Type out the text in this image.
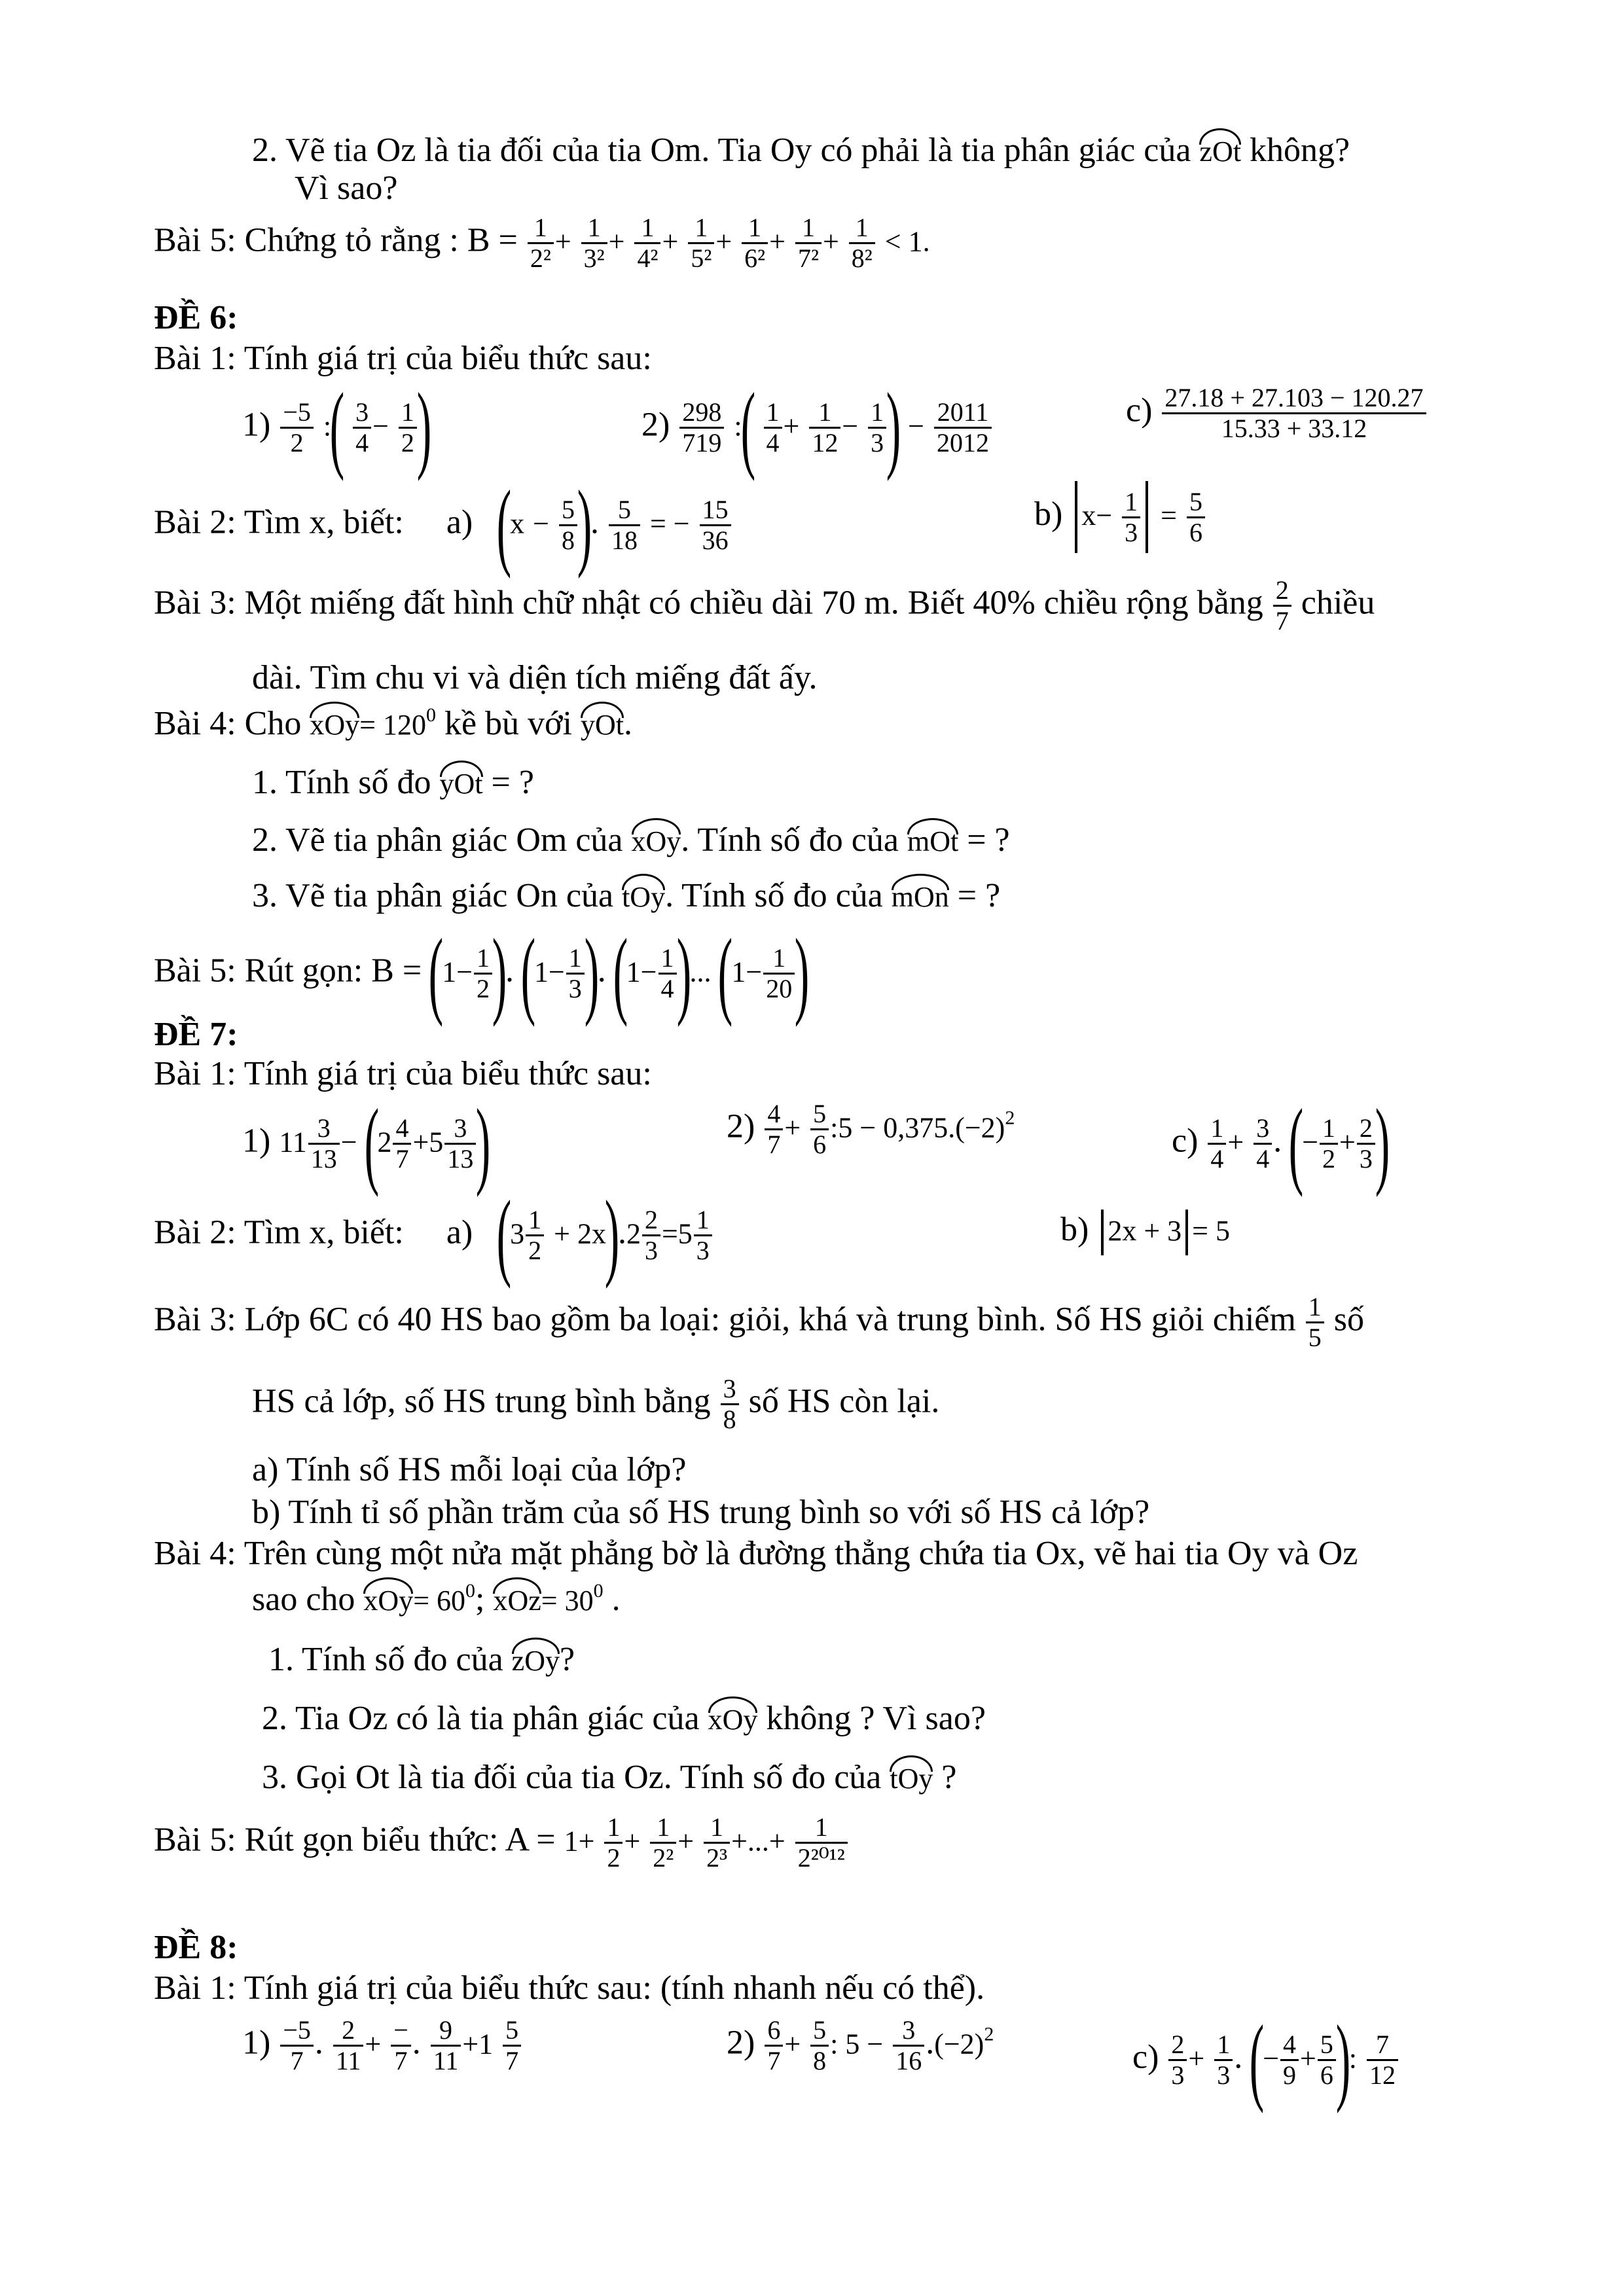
2. Vẽ tia Oz là tia đối của tia Om. Tia Oy có phải là tia phân giác của zOt không?
Vì sao?
Bài 5: Chứng tỏ rằng : $B = \frac{1}{\text{2²}} + \frac{1}{\text{3²}} + \frac{1}{\text{4²}} + \frac{1}{\text{5²}} + \frac{1}{\text{6²}} + \frac{1}{\text{7²}} + \frac{1}{\text{8²}} < 1$.
ĐỀ 6:
Bài 1: Tính giá trị của biểu thức sau:
$1) \frac{-5}{2}$ :( $\frac{3}{4} - \frac{1}{2}$ )	$2) \frac{298}{719}$ :( $\frac{1}{4} + \frac{1}{12} - \frac{1}{3}$ ) − $\frac{2011}{2012}$	$c) \frac{27.18 + 27.103 - 120.27}{15.33 + 33.12}$
Bài 2: Tìm x, biết: a) ($x - \frac{5}{8}$ ). $\frac{5}{18}$ = − $\frac{15}{36}$	b) $x- \frac{1}{3} = \frac{5}{6}$
Bài 3: Một miếng đất hình chữ nhật có chiều dài 70 m. Biết 40% chiều rộng bằng $\frac{2}{7}$ chiều
dài. Tìm chu vi và diện tích miếng đất ấy.
Bài 4: Cho $xOy= 120^0$ kề bù với yOt.
1. Tính số đo yOt = ?
2. Vẽ tia phân giác Om của xOy. Tính số đo của mOt = ?
3. Vẽ tia phân giác On của tOy. Tính số đo của mOn = ?
Bài 5: Rút gọn: $B = (1- \frac{1}{2}$ ). ($1- \frac{1}{3}$ ). ($1- \frac{1}{4}$ )... ($1- \frac{1}{20}$ )
ĐỀ 7:
Bài 1: Tính giá trị của biểu thức sau:
1) $11 \frac{3}{13} - (2 \frac{4}{7} +5 \frac{3}{13}$ )	$2) \frac{4}{7} + \frac{5}{6}$ :5 − $0,375.(-2)^2$
$c) \frac{1}{4} + \frac{3}{4}$ . (− $\frac{1}{2} + \frac{2}{3}$ )
Bài 2: Tìm x, biết: a) $(3 \frac{1}{2} + 2x).2 \frac{2}{3} =5 \frac{1}{3}$	b) 2x + 3 = 5
Bài 3: Lớp 6C có 40 HS bao gồm ba loại: giỏi, khá và trung bình. Số HS giỏi chiếm $\frac{1}{5}$ số
HS cả lớp, số HS trung bình bằng $\frac{3}{8}$ số HS còn lại.
a) Tính số HS mỗi loại của lớp?
b) Tính tỉ số phần trăm của số HS trung bình so với số HS cả lớp?
Bài 4: Trên cùng một nửa mặt phẳng bờ là đường thẳng chứa tia Ox, vẽ hai tia Oy và Oz
sao cho $xOy= 60^0$; $xOz= 30^0$ .
1. Tính số đo của zOy?
2. Tia Oz có là tia phân giác của xOy không ? Vì sao?
3. Gọi Ot là tia đối của tia Oz. Tính số đo của tOy ?
Bài 5: Rút gọn biểu thức: $A = 1+ \frac{1}{2} + \frac{1}{\text{2²}} + \frac{1}{\text{2³}}$ +...+ $\frac{1}{\text{2²⁰¹²}}$
ĐỀ 8:
Bài 1: Tính giá trị của biểu thức sau: (tính nhanh nếu có thể).
$1) \frac{-5}{7}$ . $\frac{2}{11}$ + −
7 . $\frac{9}{11} +1 \frac{5}{7}$	$2) \frac{6}{7} + \frac{5}{8}$ : $5 - \frac{3}{16} .(-2)^2$
$c) \frac{2}{3} + \frac{1}{3}$ . (− $\frac{4}{9} + \frac{5}{6}$ ): $\frac{7}{12}$
